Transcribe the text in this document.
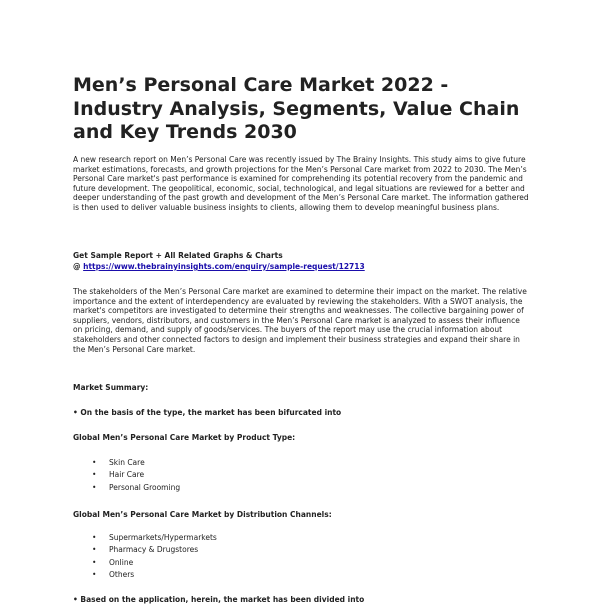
Men’s Personal Care Market 2022 - Industry Analysis, Segments, Value Chain and Key Trends 2030

A new research report on Men’s Personal Care was recently issued by The Brainy Insights. This study aims to give future market estimations, forecasts, and growth projections for the Men’s Personal Care market from 2022 to 2030. The Men’s Personal Care market's past performance is examined for comprehending its potential recovery from the pandemic and future development. The geopolitical, economic, social, technological, and legal situations are reviewed for a better and deeper understanding of the past growth and development of the Men’s Personal Care market. The information gathered is then used to deliver valuable business insights to clients, allowing them to develop meaningful business plans.

Get Sample Report + All Related Graphs & Charts
@ https://www.thebrainyinsights.com/enquiry/sample-request/12713

The stakeholders of the Men’s Personal Care market are examined to determine their impact on the market. The relative importance and the extent of interdependency are evaluated by reviewing the stakeholders. With a SWOT analysis, the market's competitors are investigated to determine their strengths and weaknesses. The collective bargaining power of suppliers, vendors, distributors, and customers in the Men’s Personal Care market is analyzed to assess their influence on pricing, demand, and supply of goods/services. The buyers of the report may use the crucial information about stakeholders and other connected factors to design and implement their business strategies and expand their share in the Men’s Personal Care market.

Market Summary:
• On the basis of the type, the market has been bifurcated into
Global Men’s Personal Care Market by Product Type:
• Skin Care
• Hair Care
• Personal Grooming
Global Men’s Personal Care Market by Distribution Channels:
• Supermarkets/Hypermarkets
• Pharmacy & Drugstores
• Online
• Others
• Based on the application, herein, the market has been divided into
